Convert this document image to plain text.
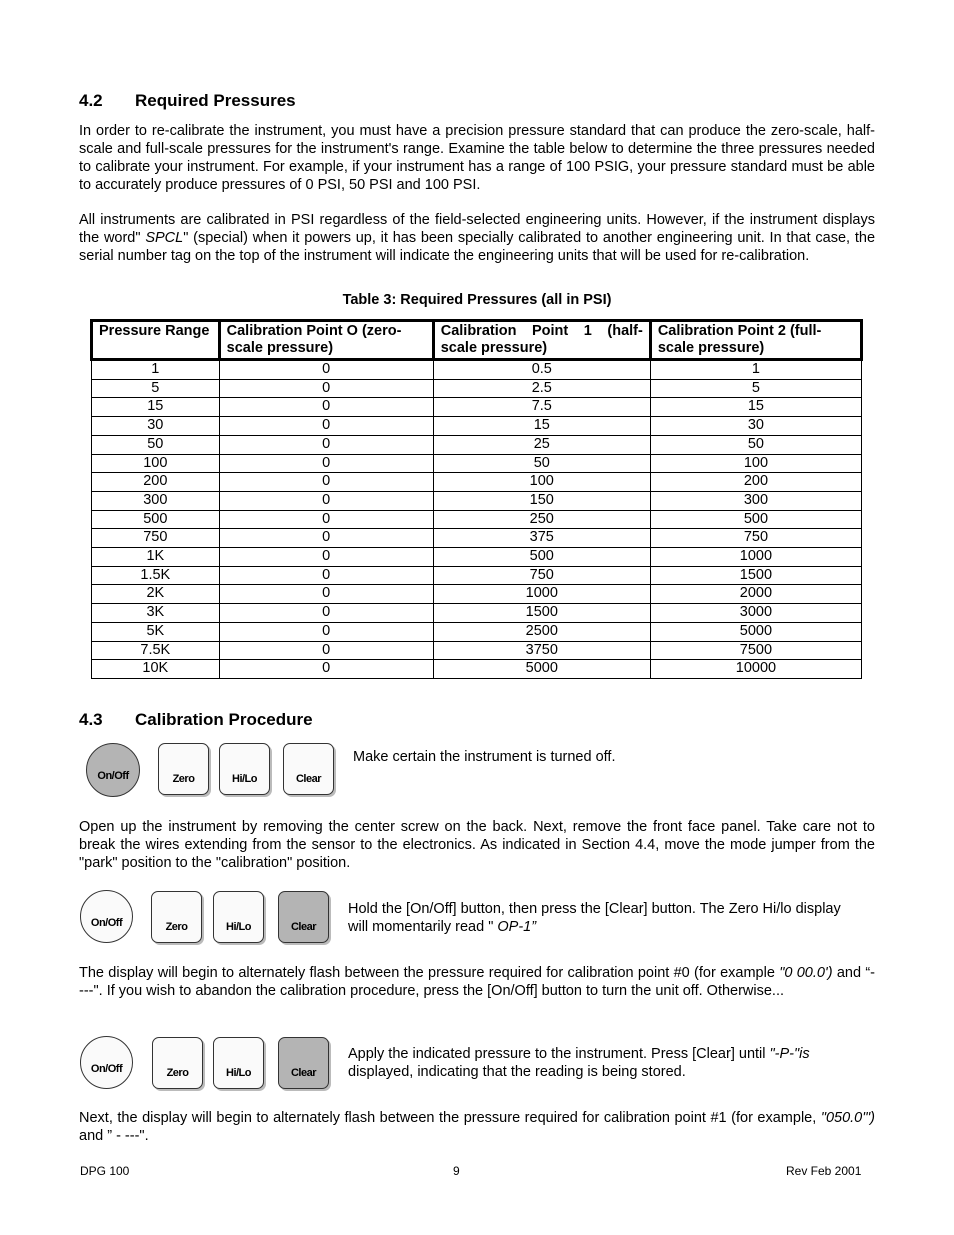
4.2 Required Pressures

In order to re-calibrate the instrument, you must have a precision pressure standard that can produce the zero-scale, half-scale and full-scale pressures for the instrument's range. Examine the table below to determine the three pressures needed to calibrate your instrument. For example, if your instrument has a range of 100 PSIG, your pressure standard must be able to accurately produce pressures of 0 PSI, 50 PSI and 100 PSI.

All instruments are calibrated in PSI regardless of the field-selected engineering units. However, if the instrument displays the word" SPCL" (special) when it powers up, it has been specially calibrated to another engineering unit. In that case, the serial number tag on the top of the instrument will indicate the engineering units that will be used for re-calibration.

Table 3: Required Pressures (all in PSI)
Pressure Range	Calibration Point O (zero-scale pressure)	Calibration Point 1 (half-scale pressure)	Calibration Point 2 (full-scale pressure)
1	0	0.5	1
5	0	2.5	5
15	0	7.5	15
30	0	15	30
50	0	25	50
100	0	50	100
200	0	100	200
300	0	150	300
500	0	250	500
750	0	375	750
1K	0	500	1000
1.5K	0	750	1500
2K	0	1000	2000
3K	0	1500	3000
5K	0	2500	5000
7.5K	0	3750	7500
10K	0	5000	10000
4.3 Calibration Procedure
On/Off	Zero	Hi/Lo	Clear
Make certain the instrument is turned off.

Open up the instrument by removing the center screw on the back. Next, remove the front face panel. Take care not to break the wires extending from the sensor to the electronics. As indicated in Section 4.4, move the mode jumper from the "park" position to the "calibration" position.

On/Off	Zero	Hi/Lo	Clear
Hold the [On/Off] button, then press the [Clear] button. The Zero Hi/lo display will momentarily read " OP-1”

The display will begin to alternately flash between the pressure required for calibration point #0 (for example "0 00.0') and “- ---". If you wish to abandon the calibration procedure, press the [On/Off] button to turn the unit off. Otherwise...

On/Off	Zero	Hi/Lo	Clear
Apply the indicated pressure to the instrument. Press [Clear] until "-P-"is displayed, indicating that the reading is being stored.

Next, the display will begin to alternately flash between the pressure required for calibration point #1 (for example, "050.0'") and ” - ---".

DPG 100	9	Rev Feb 2001
